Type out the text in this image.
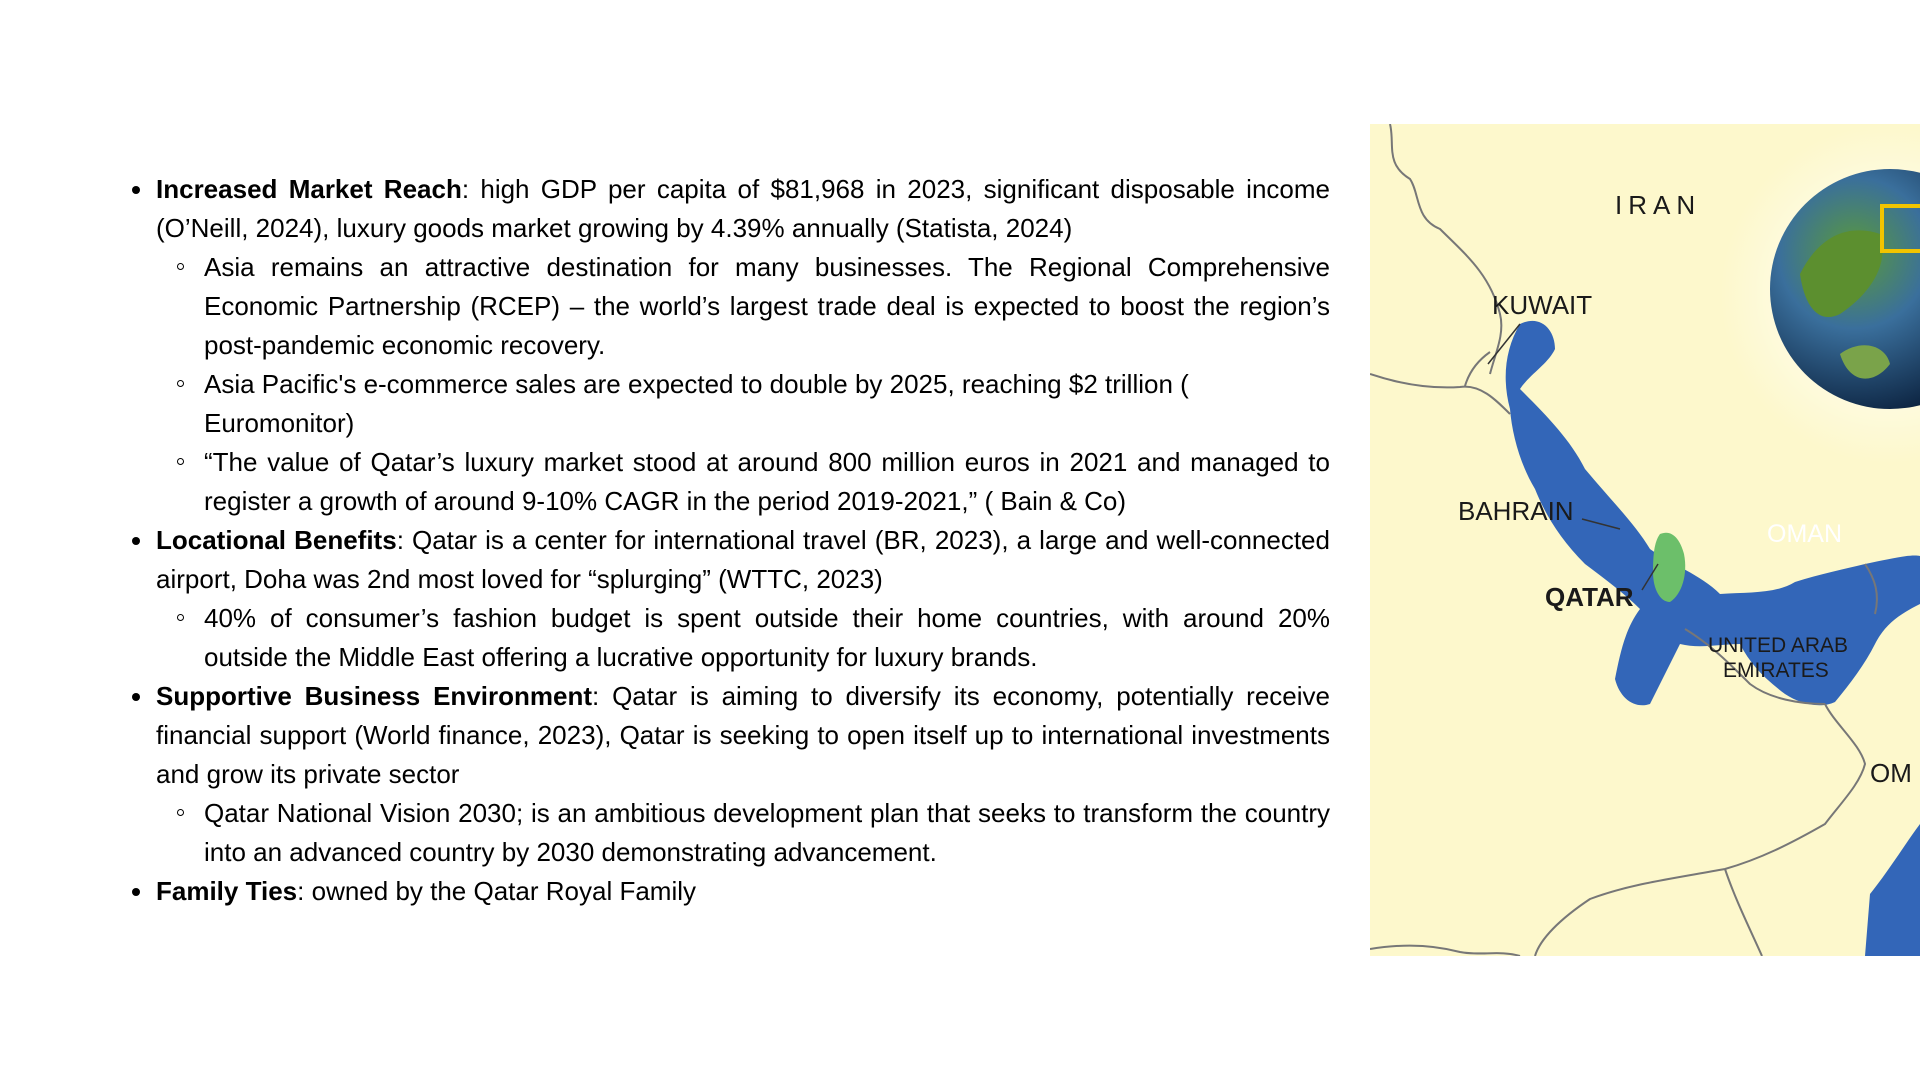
Increased Market Reach: high GDP per capita of $81,968 in 2023, significant disposable income (O’Neill, 2024), luxury goods market growing by 4.39% annually (Statista, 2024)
Asia remains an attractive destination for many businesses. The Regional Comprehensive Economic Partnership (RCEP) – the world’s largest trade deal is expected to boost the region’s post-pandemic economic recovery.
Asia Pacific's e-commerce sales are expected to double by 2025, reaching $2 trillion ( Euromonitor)
“The value of Qatar’s luxury market stood at around 800 million euros in 2021 and managed to register a growth of around 9-10% CAGR in the period 2019-2021,” ( Bain & Co)
Locational Benefits: Qatar is a center for international travel (BR, 2023), a large and well-connected airport, Doha was 2nd most loved for “splurging” (WTTC, 2023)
40% of consumer’s fashion budget is spent outside their home countries, with around 20% outside the Middle East offering a lucrative opportunity for luxury brands.
Supportive Business Environment: Qatar is aiming to diversify its economy, potentially receive financial support (World finance, 2023), Qatar is seeking to open itself up to international investments and grow its private sector
Qatar National Vision 2030; is an ambitious development plan that seeks to transform the country into an advanced country by 2030 demonstrating advancement.
Family Ties: owned by the Qatar Royal Family
IRAN
KUWAIT
BAHRAIN
OMAN
QATAR
UNITED ARAB
EMIRATES
OM
